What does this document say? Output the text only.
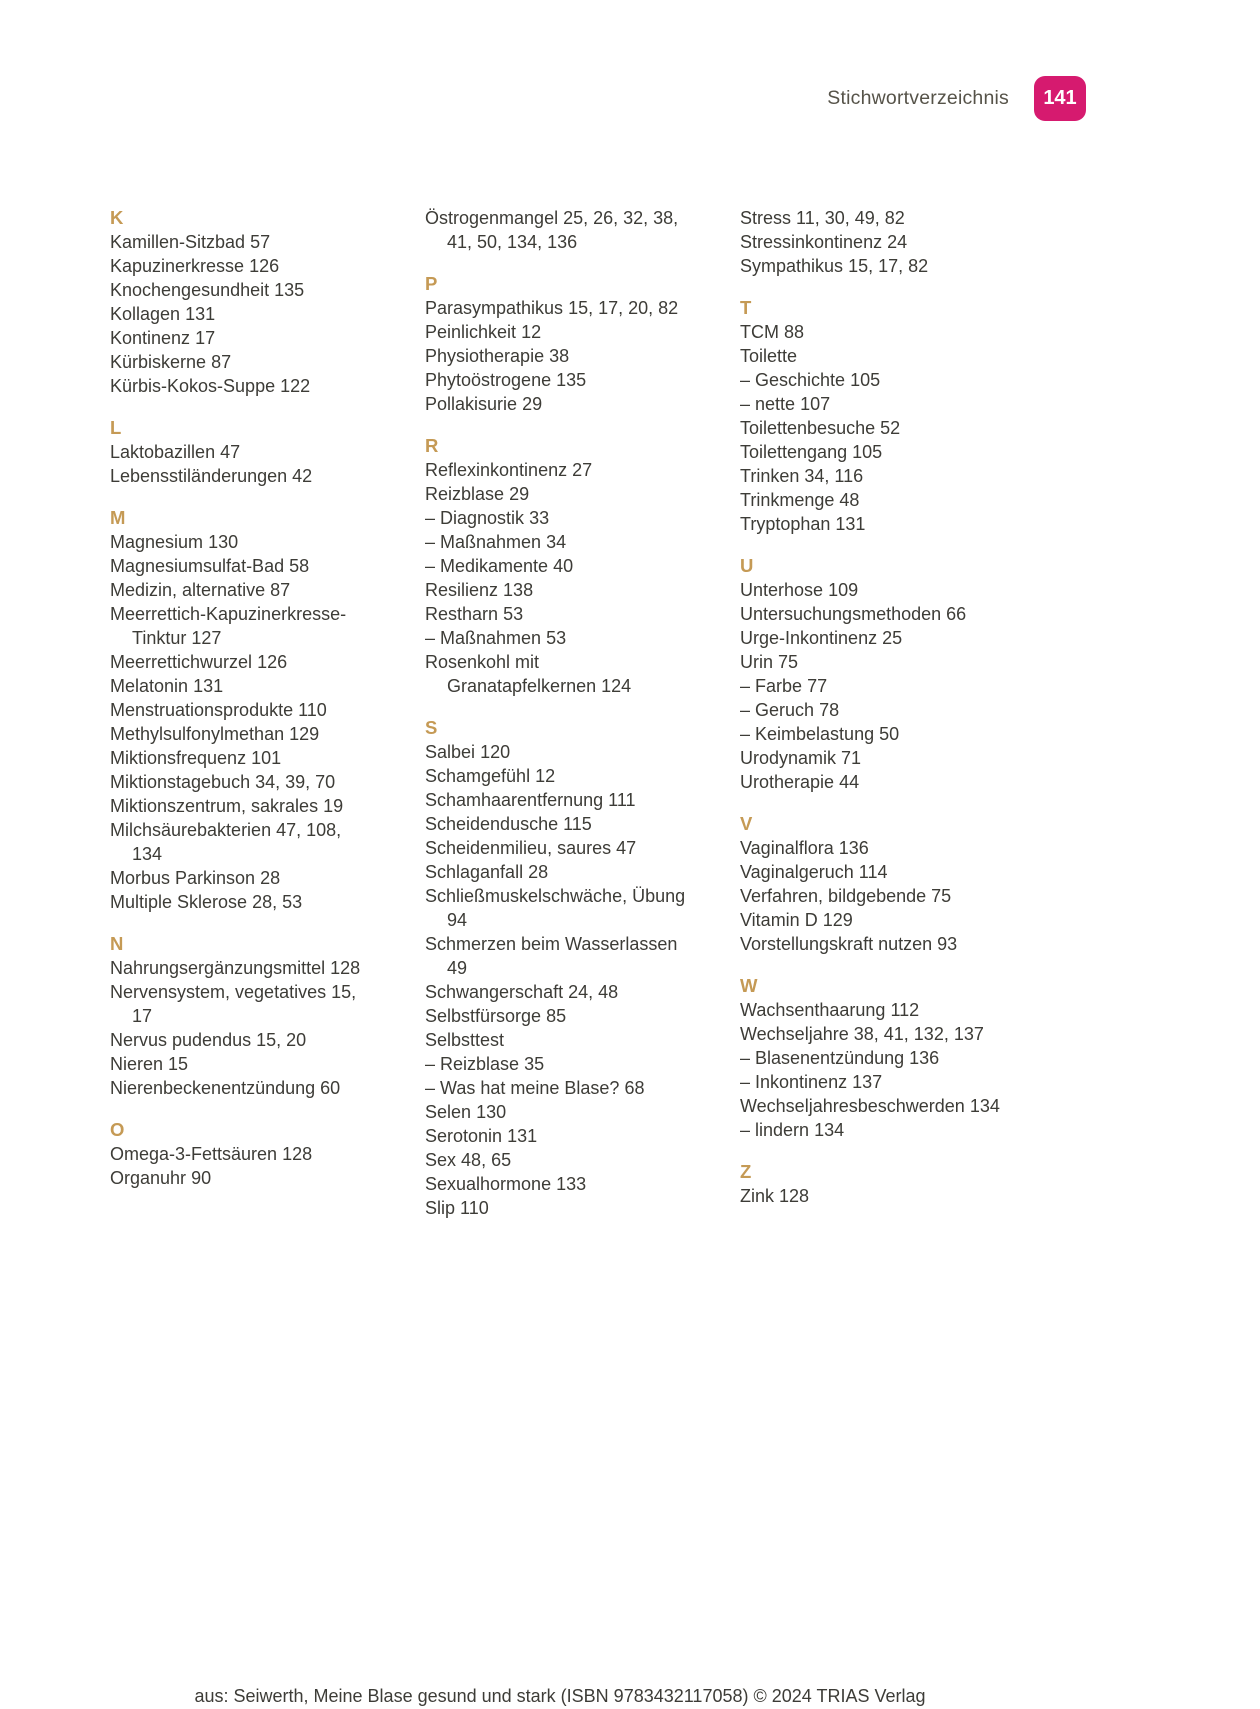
Stichwortverzeichnis	141
K
Kamillen-Sitzbad 57
Kapuzinerkresse 126
Knochengesundheit 135
Kollagen 131
Kontinenz 17
Kürbiskerne 87
Kürbis-Kokos-Suppe 122
L
Laktobazillen 47
Lebensstiländerungen 42
M
Magnesium 130
Magnesiumsulfat-Bad 58
Medizin, alternative 87
Meerrettich-Kapuzinerkresse-Tinktur 127
Meerrettichwurzel 126
Melatonin 131
Menstruationsprodukte 110
Methylsulfonylmethan 129
Miktionsfrequenz 101
Miktionstagebuch 34, 39, 70
Miktionszentrum, sakrales 19
Milchsäurebakterien 47, 108, 134
Morbus Parkinson 28
Multiple Sklerose 28, 53
N
Nahrungsergänzungsmittel 128
Nervensystem, vegetatives 15, 17
Nervus pudendus 15, 20
Nieren 15
Nierenbeckenentzündung 60
O
Omega-3-Fettsäuren 128
Organuhr 90
Östrogenmangel 25, 26, 32, 38, 41, 50, 134, 136
P
Parasympathikus 15, 17, 20, 82
Peinlichkeit 12
Physiotherapie 38
Phytoöstrogene 135
Pollakisurie 29
R
Reflexinkontinenz 27
Reizblase 29
– Diagnostik 33
– Maßnahmen 34
– Medikamente 40
Resilienz 138
Restharn 53
– Maßnahmen 53
Rosenkohl mit Granatapfelkernen 124
S
Salbei 120
Schamgefühl 12
Schamhaarentfernung 111
Scheidendusche 115
Scheidenmilieu, saures 47
Schlaganfall 28
Schließmuskelschwäche, Übung 94
Schmerzen beim Wasserlassen 49
Schwangerschaft 24, 48
Selbstfürsorge 85
Selbsttest
– Reizblase 35
– Was hat meine Blase? 68
Selen 130
Serotonin 131
Sex 48, 65
Sexualhormone 133
Slip 110
Stress 11, 30, 49, 82
Stressinkontinenz 24
Sympathikus 15, 17, 82
T
TCM 88
Toilette
– Geschichte 105
– nette 107
Toilettenbesuche 52
Toilettengang 105
Trinken 34, 116
Trinkmenge 48
Tryptophan 131
U
Unterhose 109
Untersuchungsmethoden 66
Urge-Inkontinenz 25
Urin 75
– Farbe 77
– Geruch 78
– Keimbelastung 50
Urodynamik 71
Urotherapie 44
V
Vaginalflora 136
Vaginalgeruch 114
Verfahren, bildgebende 75
Vitamin D 129
Vorstellungskraft nutzen 93
W
Wachsenthaarung 112
Wechseljahre 38, 41, 132, 137
– Blasenentzündung 136
– Inkontinenz 137
Wechseljahresbeschwerden 134
– lindern 134
Z
Zink 128
aus: Seiwerth, Meine Blase gesund und stark (ISBN 9783432117058) © 2024 TRIAS Verlag
